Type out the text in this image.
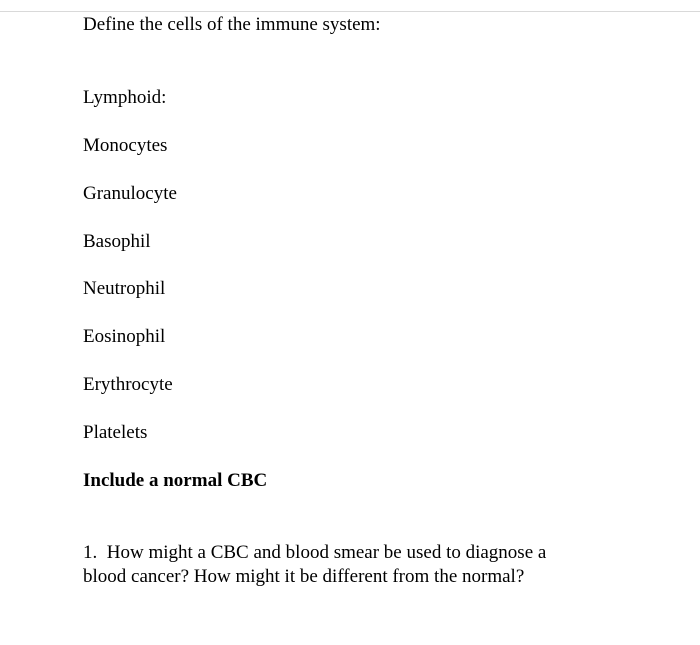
Define the cells of the immune system:
Lymphoid:
Monocytes
Granulocyte
Basophil
Neutrophil
Eosinophil
Erythrocyte
Platelets
Include a normal CBC
1. How might a CBC and blood smear be used to diagnose a
blood cancer? How might it be different from the normal?
